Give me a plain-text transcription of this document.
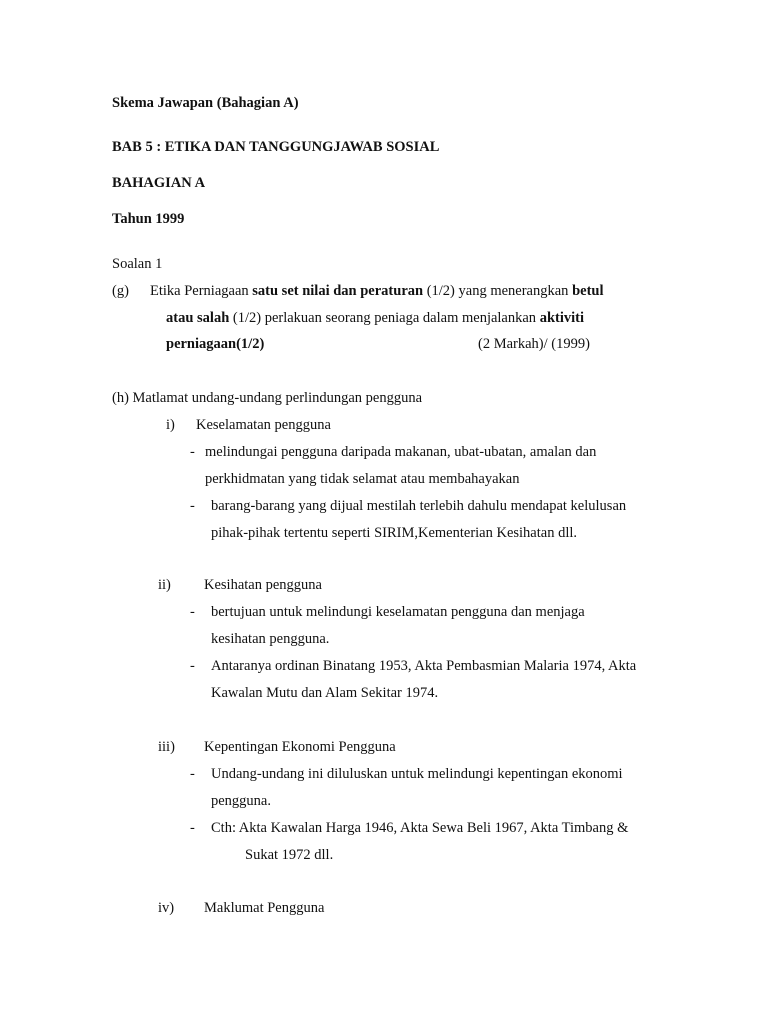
Skema Jawapan (Bahagian A)
BAB 5 : ETIKA DAN TANGGUNGJAWAB SOSIAL
BAHAGIAN A
Tahun 1999
Soalan 1
(g) Etika Perniagaan satu set nilai dan peraturan (1/2) yang menerangkan betul
atau salah (1/2) perlakuan seorang peniaga dalam menjalankan aktiviti
perniagaan(1/2)	(2 Markah)/ (1999)
(h) Matlamat undang-undang perlindungan pengguna
i) Keselamatan pengguna
- melindungai pengguna daripada makanan, ubat-ubatan, amalan dan
perkhidmatan yang tidak selamat atau membahayakan
- barang-barang yang dijual mestilah terlebih dahulu mendapat kelulusan
pihak-pihak tertentu seperti SIRIM,Kementerian Kesihatan dll.
ii) Kesihatan pengguna
- bertujuan untuk melindungi keselamatan pengguna dan menjaga
kesihatan pengguna.
- Antaranya ordinan Binatang 1953, Akta Pembasmian Malaria 1974, Akta
Kawalan Mutu dan Alam Sekitar 1974.
iii) Kepentingan Ekonomi Pengguna
- Undang-undang ini diluluskan untuk melindungi kepentingan ekonomi
pengguna.
- Cth: Akta Kawalan Harga 1946, Akta Sewa Beli 1967, Akta Timbang &
Sukat 1972 dll.
iv) Maklumat Pengguna
